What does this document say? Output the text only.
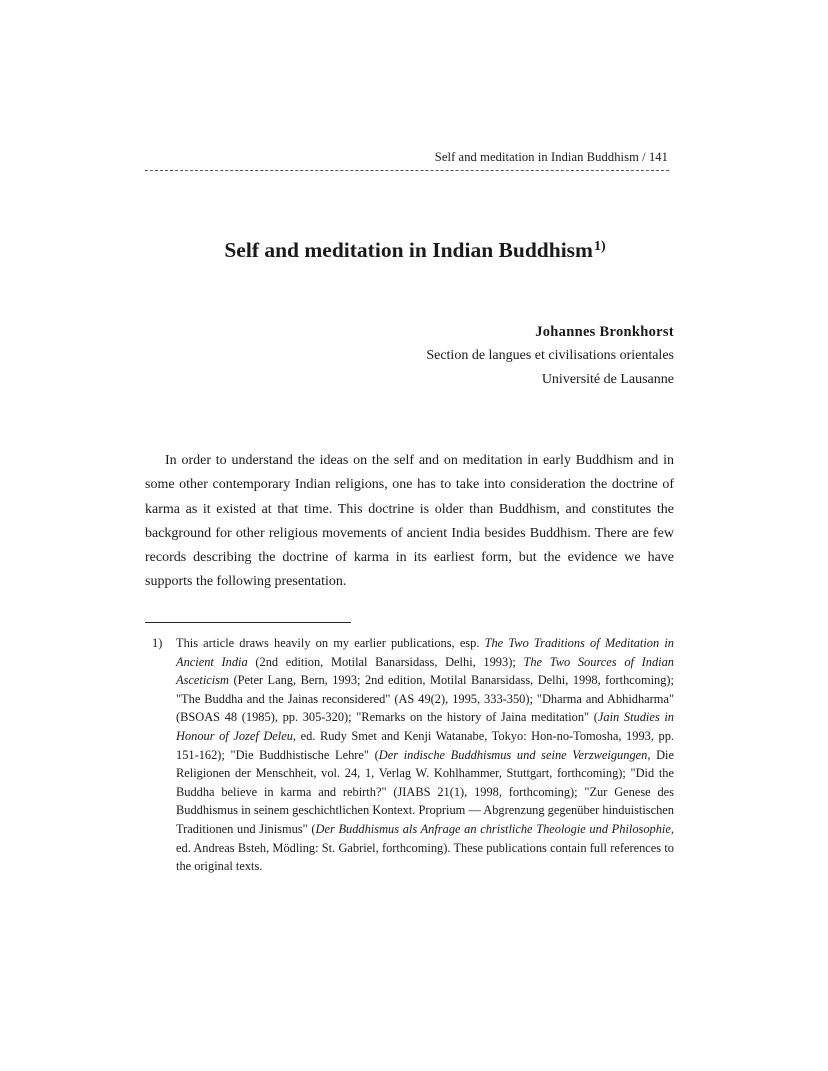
Self and meditation in Indian Buddhism / 141
Self and meditation in Indian Buddhism$^{1)}$
Johannes Bronkhorst
Section de langues et civilisations orientales
Université de Lausanne

In order to understand the ideas on the self and on meditation in early Buddhism and in some other contemporary Indian religions, one has to take into consideration the doctrine of karma as it existed at that time. This doctrine is older than Buddhism, and constitutes the background for other religious movements of ancient India besides Buddhism. There are few records describing the doctrine of karma in its earliest form, but the evidence we have supports the following presentation.

1) This article draws heavily on my earlier publications, esp. The Two Traditions of Meditation in Ancient India (2nd edition, Motilal Banarsidass, Delhi, 1993); The Two Sources of Indian Asceticism (Peter Lang, Bern, 1993; 2nd edition, Motilal Banarsidass, Delhi, 1998, forthcoming); "The Buddha and the Jainas reconsidered" (AS 49(2), 1995, 333-350); "Dharma and Abhidharma" (BSOAS 48 (1985), pp. 305-320); "Remarks on the history of Jaina meditation" (Jain Studies in Honour of Jozef Deleu, ed. Rudy Smet and Kenji Watanabe, Tokyo: Hon-no-Tomosha, 1993, pp. 151-162); "Die Buddhistische Lehre" (Der indische Buddhismus und seine Verzweigungen, Die Religionen der Menschheit, vol. 24, 1, Verlag W. Kohlhammer, Stuttgart, forthcoming); "Did the Buddha believe in karma and rebirth?" (JIABS 21(1), 1998, forthcoming); "Zur Genese des Buddhismus in seinem geschichtlichen Kontext. Proprium — Abgrenzung gegenüber hinduistischen Traditionen und Jinismus" (Der Buddhismus als Anfrage an christliche Theologie und Philosophie, ed. Andreas Bsteh, Mödling: St. Gabriel, forthcoming). These publications contain full references to the original texts.
